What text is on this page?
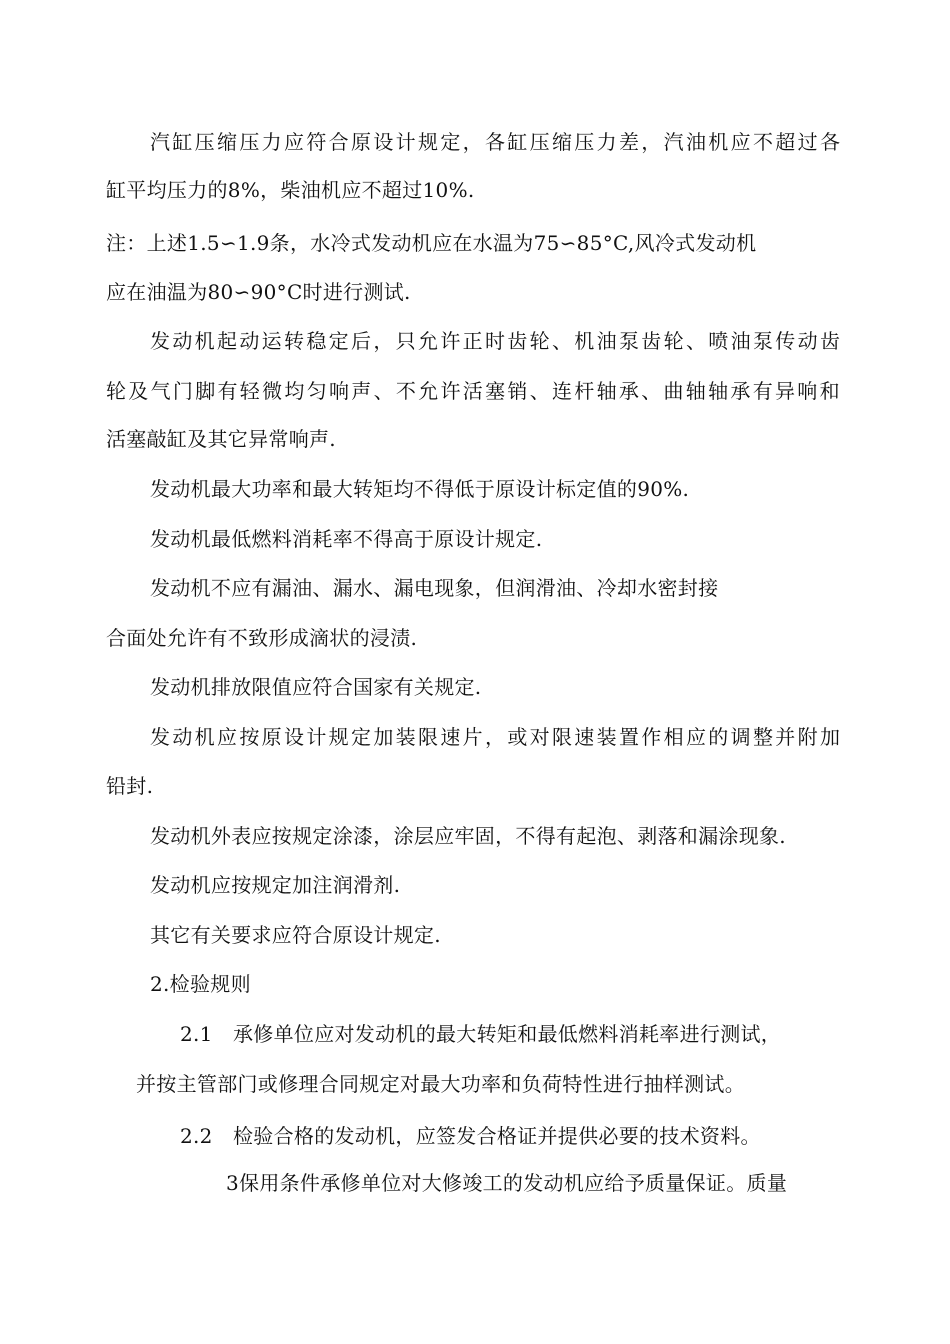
汽缸压缩压力应符合原设计规定，各缸压缩压力差，汽油机应不超过各
缸平均压力的8%，柴油机应不超过10%.
注：上述1.5∽1.9条，水冷式发动机应在水温为75∽85°C,风冷式发动机
应在油温为80∽90°C时进行测试.
发动机起动运转稳定后，只允许正时齿轮、机油泵齿轮、喷油泵传动齿
轮及气门脚有轻微均匀响声、不允许活塞销、连杆轴承、曲轴轴承有异响和
活塞敲缸及其它异常响声.
发动机最大功率和最大转矩均不得低于原设计标定值的90%.
发动机最低燃料消耗率不得高于原设计规定.
发动机不应有漏油、漏水、漏电现象，但润滑油、冷却水密封接
合面处允许有不致形成滴状的浸渍.
发动机排放限值应符合国家有关规定.
发动机应按原设计规定加装限速片，或对限速装置作相应的调整并附加
铅封.
发动机外表应按规定涂漆，涂层应牢固，不得有起泡、剥落和漏涂现象.
发动机应按规定加注润滑剂.
其它有关要求应符合原设计规定.
2.检验规则
2.1　承修单位应对发动机的最大转矩和最低燃料消耗率进行测试，
并按主管部门或修理合同规定对最大功率和负荷特性进行抽样测试。
2.2　检验合格的发动机，应签发合格证并提供必要的技术资料。
3保用条件承修单位对大修竣工的发动机应给予质量保证。质量
